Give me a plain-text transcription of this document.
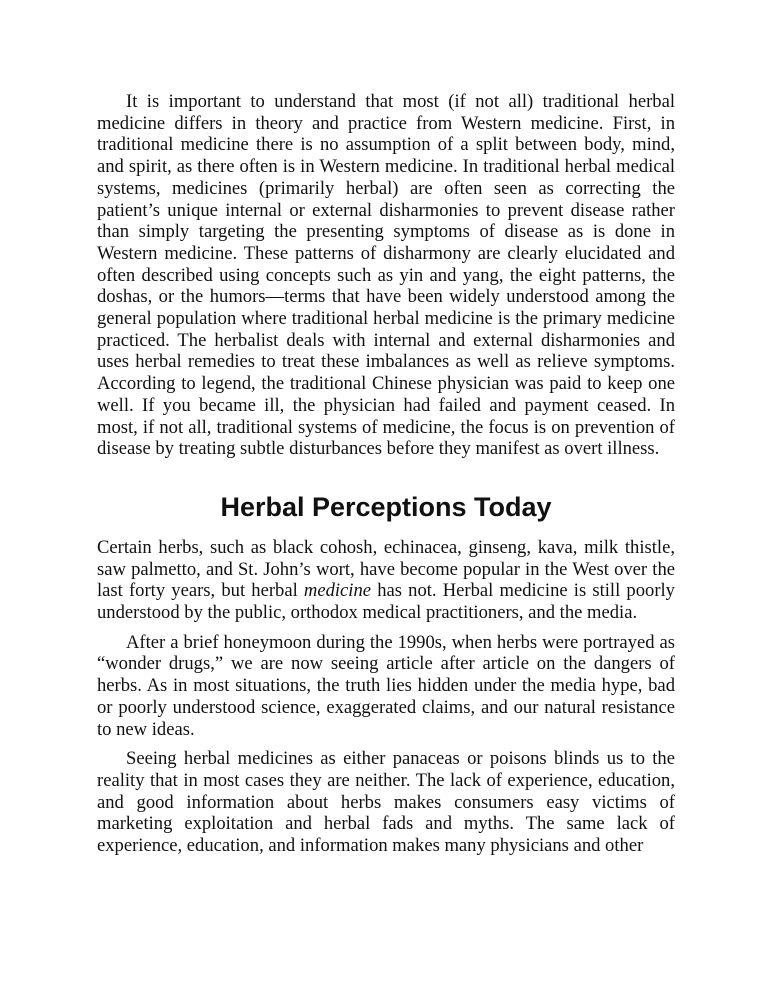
It is important to understand that most (if not all) traditional herbal medicine differs in theory and practice from Western medicine. First, in traditional medicine there is no assumption of a split between body, mind, and spirit, as there often is in Western medicine. In traditional herbal medical systems, medicines (primarily herbal) are often seen as correcting the patient’s unique internal or external disharmonies to prevent disease rather than simply targeting the presenting symptoms of disease as is done in Western medicine. These patterns of disharmony are clearly elucidated and often described using concepts such as yin and yang, the eight patterns, the doshas, or the humors—terms that have been widely understood among the general population where traditional herbal medicine is the primary medicine practiced. The herbalist deals with internal and external disharmonies and uses herbal remedies to treat these imbalances as well as relieve symptoms. According to legend, the traditional Chinese physician was paid to keep one well. If you became ill, the physician had failed and payment ceased. In most, if not all, traditional systems of medicine, the focus is on prevention of disease by treating subtle disturbances before they manifest as overt illness.

Herbal Perceptions Today

Certain herbs, such as black cohosh, echinacea, ginseng, kava, milk thistle, saw palmetto, and St. John’s wort, have become popular in the West over the last forty years, but herbal medicine has not. Herbal medicine is still poorly understood by the public, orthodox medical practitioners, and the media.

After a brief honeymoon during the 1990s, when herbs were portrayed as “wonder drugs,” we are now seeing article after article on the dangers of herbs. As in most situations, the truth lies hidden under the media hype, bad or poorly understood science, exaggerated claims, and our natural resistance to new ideas.

Seeing herbal medicines as either panaceas or poisons blinds us to the reality that in most cases they are neither. The lack of experience, education, and good information about herbs makes consumers easy victims of marketing exploitation and herbal fads and myths. The same lack of experience, education, and information makes many physicians and other
